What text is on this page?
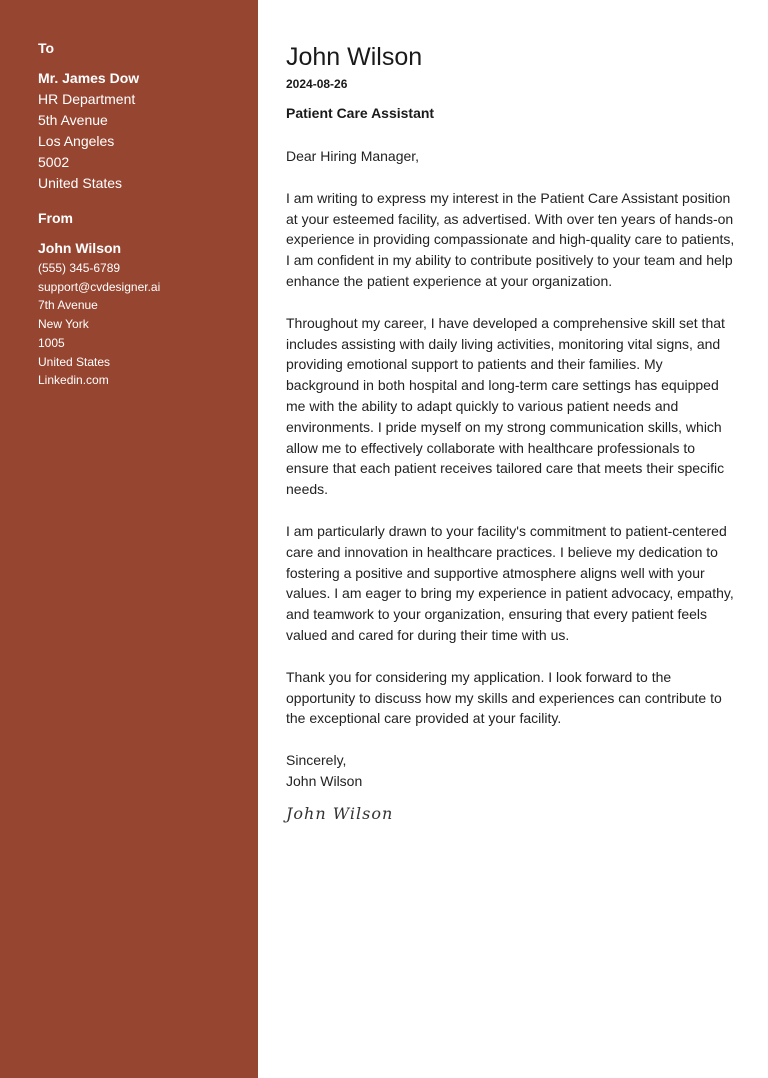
To
Mr. James Dow
HR Department
5th Avenue
Los Angeles
5002
United States
From
John Wilson
(555) 345-6789
support@cvdesigner.ai
7th Avenue
New York
1005
United States
Linkedin.com
John Wilson
2024-08-26
Patient Care Assistant
Dear Hiring Manager,
I am writing to express my interest in the Patient Care Assistant position at your esteemed facility, as advertised. With over ten years of hands-on experience in providing compassionate and high-quality care to patients, I am confident in my ability to contribute positively to your team and help enhance the patient experience at your organization.
Throughout my career, I have developed a comprehensive skill set that includes assisting with daily living activities, monitoring vital signs, and providing emotional support to patients and their families. My background in both hospital and long-term care settings has equipped me with the ability to adapt quickly to various patient needs and environments. I pride myself on my strong communication skills, which allow me to effectively collaborate with healthcare professionals to ensure that each patient receives tailored care that meets their specific needs.
I am particularly drawn to your facility's commitment to patient-centered care and innovation in healthcare practices. I believe my dedication to fostering a positive and supportive atmosphere aligns well with your values. I am eager to bring my experience in patient advocacy, empathy, and teamwork to your organization, ensuring that every patient feels valued and cared for during their time with us.
Thank you for considering my application. I look forward to the opportunity to discuss how my skills and experiences can contribute to the exceptional care provided at your facility.
Sincerely,
John Wilson
John Wilson
